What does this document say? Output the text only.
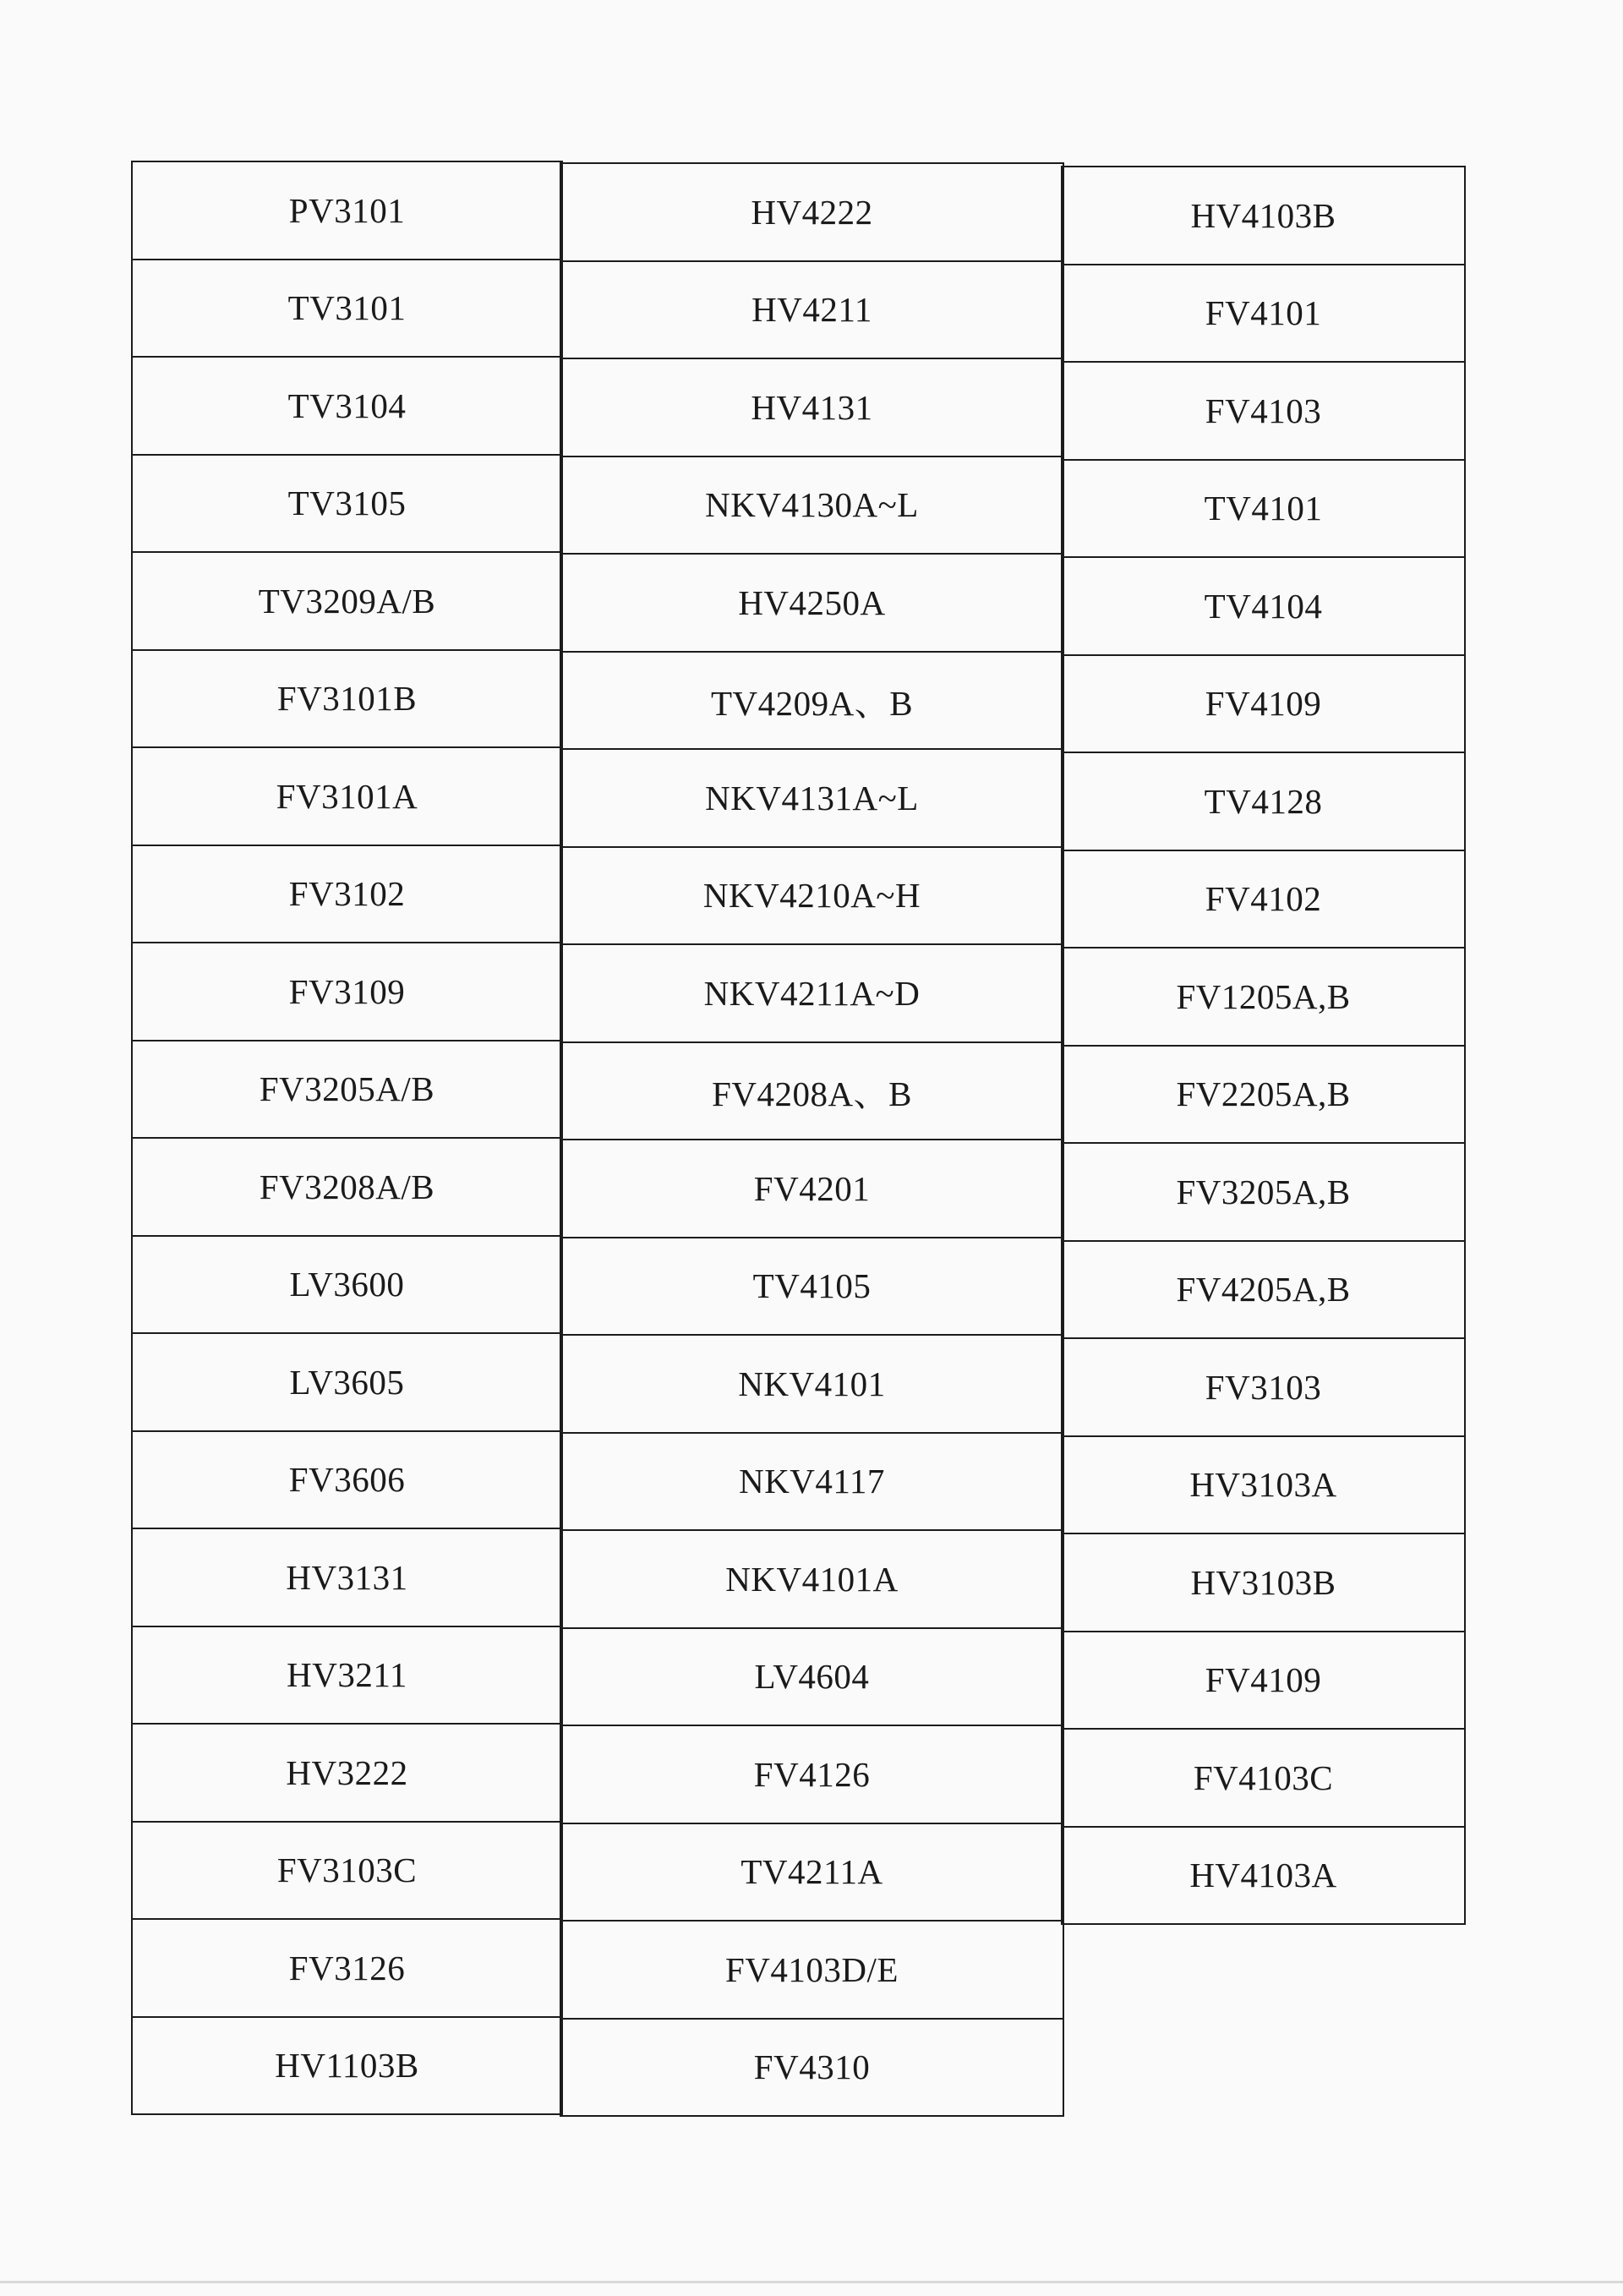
PV3101
TV3101
TV3104
TV3105
TV3209A/B
FV3101B
FV3101A
FV3102
FV3109
FV3205A/B
FV3208A/B
LV3600
LV3605
FV3606
HV3131
HV3211
HV3222
FV3103C
FV3126
HV1103B
HV4222
HV4211
HV4131
NKV4130A~L
HV4250A
TV4209A、B
NKV4131A~L
NKV4210A~H
NKV4211A~D
FV4208A、B
FV4201
TV4105
NKV4101
NKV4117
NKV4101A
LV4604
FV4126
TV4211A
FV4103D/E
FV4310
HV4103B
FV4101
FV4103
TV4101
TV4104
FV4109
TV4128
FV4102
FV1205A,B
FV2205A,B
FV3205A,B
FV4205A,B
FV3103
HV3103A
HV3103B
FV4109
FV4103C
HV4103A
